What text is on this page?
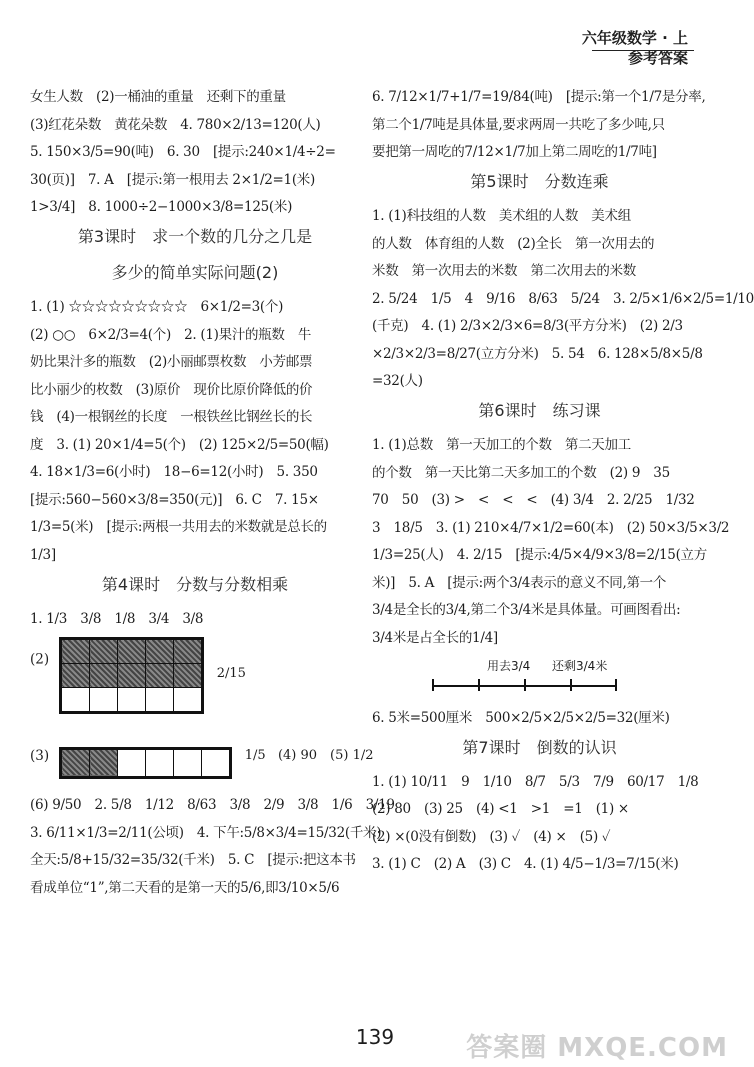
六年级数学 · 上
参考答案
女生人数　(2)一桶油的重量　还剩下的重量
(3)红花朵数　黄花朵数　4. 780×2/13=120(人)
5. 150×3/5=90(吨)　6. 30　[提示:240×1/4÷2=
30(页)]　7. A　[提示:第一根用去 2×1/2=1(米)
1>3/4]　8. 1000÷2−1000×3/8=125(米)
第3课时　求一个数的几分之几是
多少的简单实际问题(2)
1. (1) ☆☆☆☆☆☆☆☆☆　6×1/2=3(个)
(2) ○○　6×2/3=4(个)　2. (1)果汁的瓶数　牛
奶比果汁多的瓶数　(2)小丽邮票枚数　小芳邮票
比小丽少的枚数　(3)原价　现价比原价降低的价
钱　(4)一根钢丝的长度　一根铁丝比钢丝长的长
度　3. (1) 20×1/4=5(个)　(2) 125×2/5=50(幅)
4. 18×1/3=6(小时)　18−6=12(小时)　5. 350
[提示:560−560×3/8=350(元)]　6. C　7. 15×
1/3=5(米)　[提示:两根一共用去的米数就是总长的
1/3]
第4课时　分数与分数相乘
1. 1/3　3/8　1/8　3/4　3/8
(2)

2/15
(3)
						1/5 (4) 90　(5) 1/2
(6) 9/50　2. 5/8　1/12　8/63　3/8　2/9　3/8　1/6　3/19
3. 6/11×1/3=2/11(公顷)　4. 下午:5/8×3/4=15/32(千米)
全天:5/8+15/32=35/32(千米)　5. C　[提示:把这本书
看成单位“1”,第二天看的是第一天的5/6,即3/10×5/6
6. 7/12×1/7+1/7=19/84(吨)　[提示:第一个1/7是分率,
第二个1/7吨是具体量,要求两周一共吃了多少吨,只
要把第一周吃的7/12×1/7加上第二周吃的1/7吨]
第5课时　分数连乘
1. (1)科技组的人数　美术组的人数　美术组
的人数　体育组的人数　(2)全长　第一次用去的
米数　第一次用去的米数　第二次用去的米数
2. 5/24　1/5　4　9/16　8/63　5/24　3. 2/5×1/6×2/5=1/10
(千克)　4. (1) 2/3×2/3×6=8/3(平方分米)　(2) 2/3
×2/3×2/3=8/27(立方分米)　5. 54　6. 128×5/8×5/8
=32(人)
第6课时　练习课
1. (1)总数　第一天加工的个数　第二天加工
的个数　第一天比第二天多加工的个数　(2) 9　35
70　50　(3) >　<　<　<　(4) 3/4　2. 2/25　1/32
3　18/5　3. (1) 210×4/7×1/2=60(本)　(2) 50×3/5×3/2
1/3=25(人)　4. 2/15　[提示:4/5×4/9×3/8=2/15(立方
米)]　5. A　[提示:两个3/4表示的意义不同,第一个
3/4是全长的3/4,第二个3/4米是具体量。可画图看出:
3/4米是占全长的1/4]
用去3/4 还剩3/4米
6. 5米=500厘米　500×2/5×2/5×2/5=32(厘米)
第7课时　倒数的认识
1. (1) 10/11　9　1/10　8/7　5/3　7/9　60/17　1/8
(2) 80　(3) 25　(4) <1　>1　=1　(1) ×
(2) ×(0没有倒数)　(3) ✓　(4) ×　(5) ✓
3. (1) C　(2) A　(3) C　4. (1) 4/5−1/3=7/15(米)
139	答案圈 MXQE.COM
